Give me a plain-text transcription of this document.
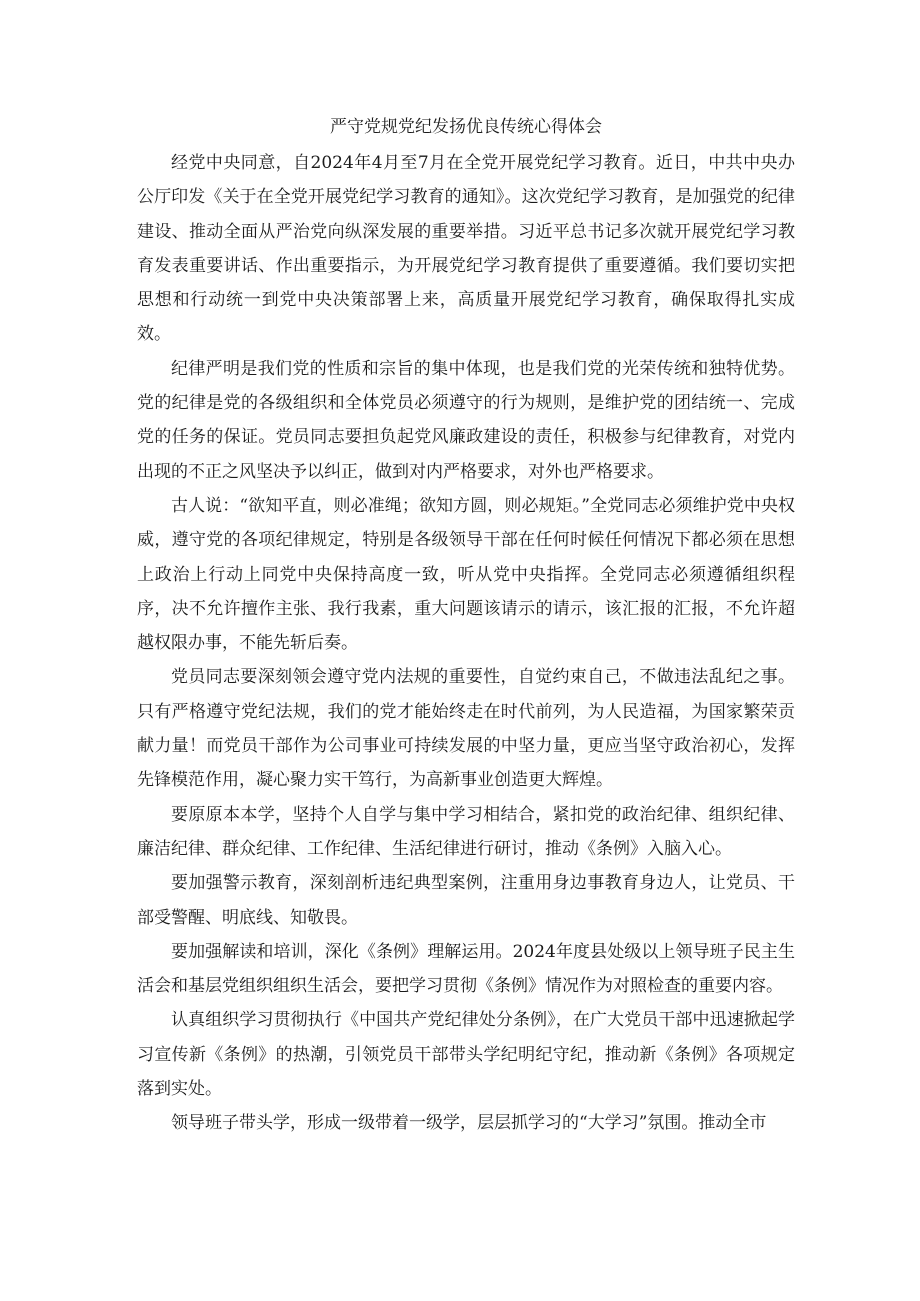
严守党规党纪发扬优良传统心得体会

经党中央同意，自2024年4月至7月在全党开展党纪学习教育。近日，中共中央办公厅印发《关于在全党开展党纪学习教育的通知》。这次党纪学习教育，是加强党的纪律建设、推动全面从严治党向纵深发展的重要举措。习近平总书记多次就开展党纪学习教育发表重要讲话、作出重要指示，为开展党纪学习教育提供了重要遵循。我们要切实把思想和行动统一到党中央决策部署上来，高质量开展党纪学习教育，确保取得扎实成效。

纪律严明是我们党的性质和宗旨的集中体现，也是我们党的光荣传统和独特优势。党的纪律是党的各级组织和全体党员必须遵守的行为规则，是维护党的团结统一、完成党的任务的保证。党员同志要担负起党风廉政建设的责任，积极参与纪律教育，对党内出现的不正之风坚决予以纠正，做到对内严格要求，对外也严格要求。

古人说：“欲知平直，则必准绳；欲知方圆，则必规矩。”全党同志必须维护党中央权威，遵守党的各项纪律规定，特别是各级领导干部在任何时候任何情况下都必须在思想上政治上行动上同党中央保持高度一致，听从党中央指挥。全党同志必须遵循组织程序，决不允许擅作主张、我行我素，重大问题该请示的请示，该汇报的汇报，不允许超越权限办事，不能先斩后奏。

党员同志要深刻领会遵守党内法规的重要性，自觉约束自己，不做违法乱纪之事。只有严格遵守党纪法规，我们的党才能始终走在时代前列，为人民造福，为国家繁荣贡献力量！而党员干部作为公司事业可持续发展的中坚力量，更应当坚守政治初心，发挥先锋模范作用，凝心聚力实干笃行，为高新事业创造更大辉煌。

要原原本本学，坚持个人自学与集中学习相结合，紧扣党的政治纪律、组织纪律、廉洁纪律、群众纪律、工作纪律、生活纪律进行研讨，推动《条例》入脑入心。

要加强警示教育，深刻剖析违纪典型案例，注重用身边事教育身边人，让党员、干部受警醒、明底线、知敬畏。

要加强解读和培训，深化《条例》理解运用。2024年度县处级以上领导班子民主生活会和基层党组织组织生活会，要把学习贯彻《条例》情况作为对照检查的重要内容。

认真组织学习贯彻执行《中国共产党纪律处分条例》，在广大党员干部中迅速掀起学习宣传新《条例》的热潮，引领党员干部带头学纪明纪守纪，推动新《条例》各项规定落到实处。

领导班子带头学，形成一级带着一级学，层层抓学习的“大学习”氛围。推动全市
